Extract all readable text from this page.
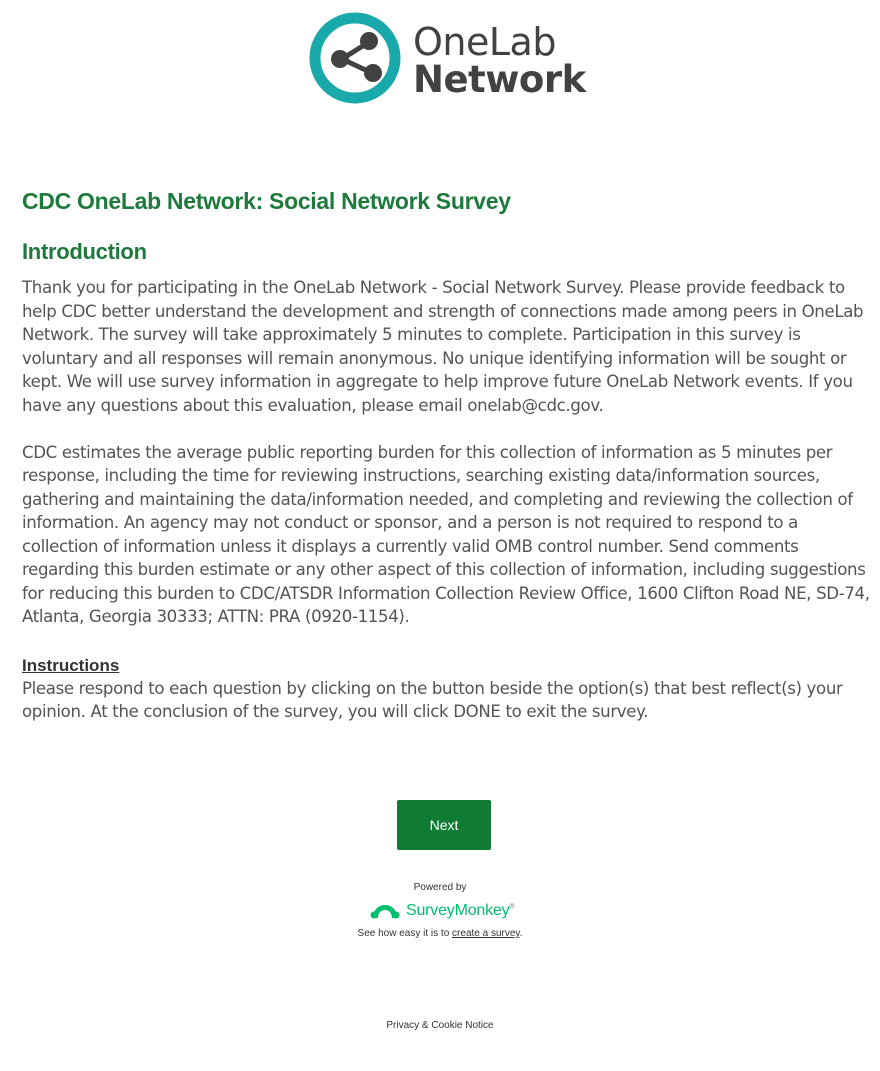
OneLab
Network
CDC OneLab Network: Social Network Survey
Introduction

Thank you for participating in the OneLab Network - Social Network Survey. Please provide feedback to help CDC better understand the development and strength of connections made among peers in OneLab Network. The survey will take approximately 5 minutes to complete. Participation in this survey is voluntary and all responses will remain anonymous. No unique identifying information will be sought or kept. We will use survey information in aggregate to help improve future OneLab Network events. If you have any questions about this evaluation, please email onelab@cdc.gov.

CDC estimates the average public reporting burden for this collection of information as 5 minutes per response, including the time for reviewing instructions, searching existing data/information sources, gathering and maintaining the data/information needed, and completing and reviewing the collection of information. An agency may not conduct or sponsor, and a person is not required to respond to a collection of information unless it displays a currently valid OMB control number. Send comments regarding this burden estimate or any other aspect of this collection of information, including suggestions for reducing this burden to CDC/ATSDR Information Collection Review Office, 1600 Clifton Road NE, SD-74, Atlanta, Georgia 30333; ATTN: PRA (0920-1154).

Instructions

Please respond to each question by clicking on the button beside the option(s) that best reflect(s) your opinion. At the conclusion of the survey, you will click DONE to exit the survey.

Next
Powered by
SurveyMonkey®
See how easy it is to create a survey.
Privacy & Cookie Notice
